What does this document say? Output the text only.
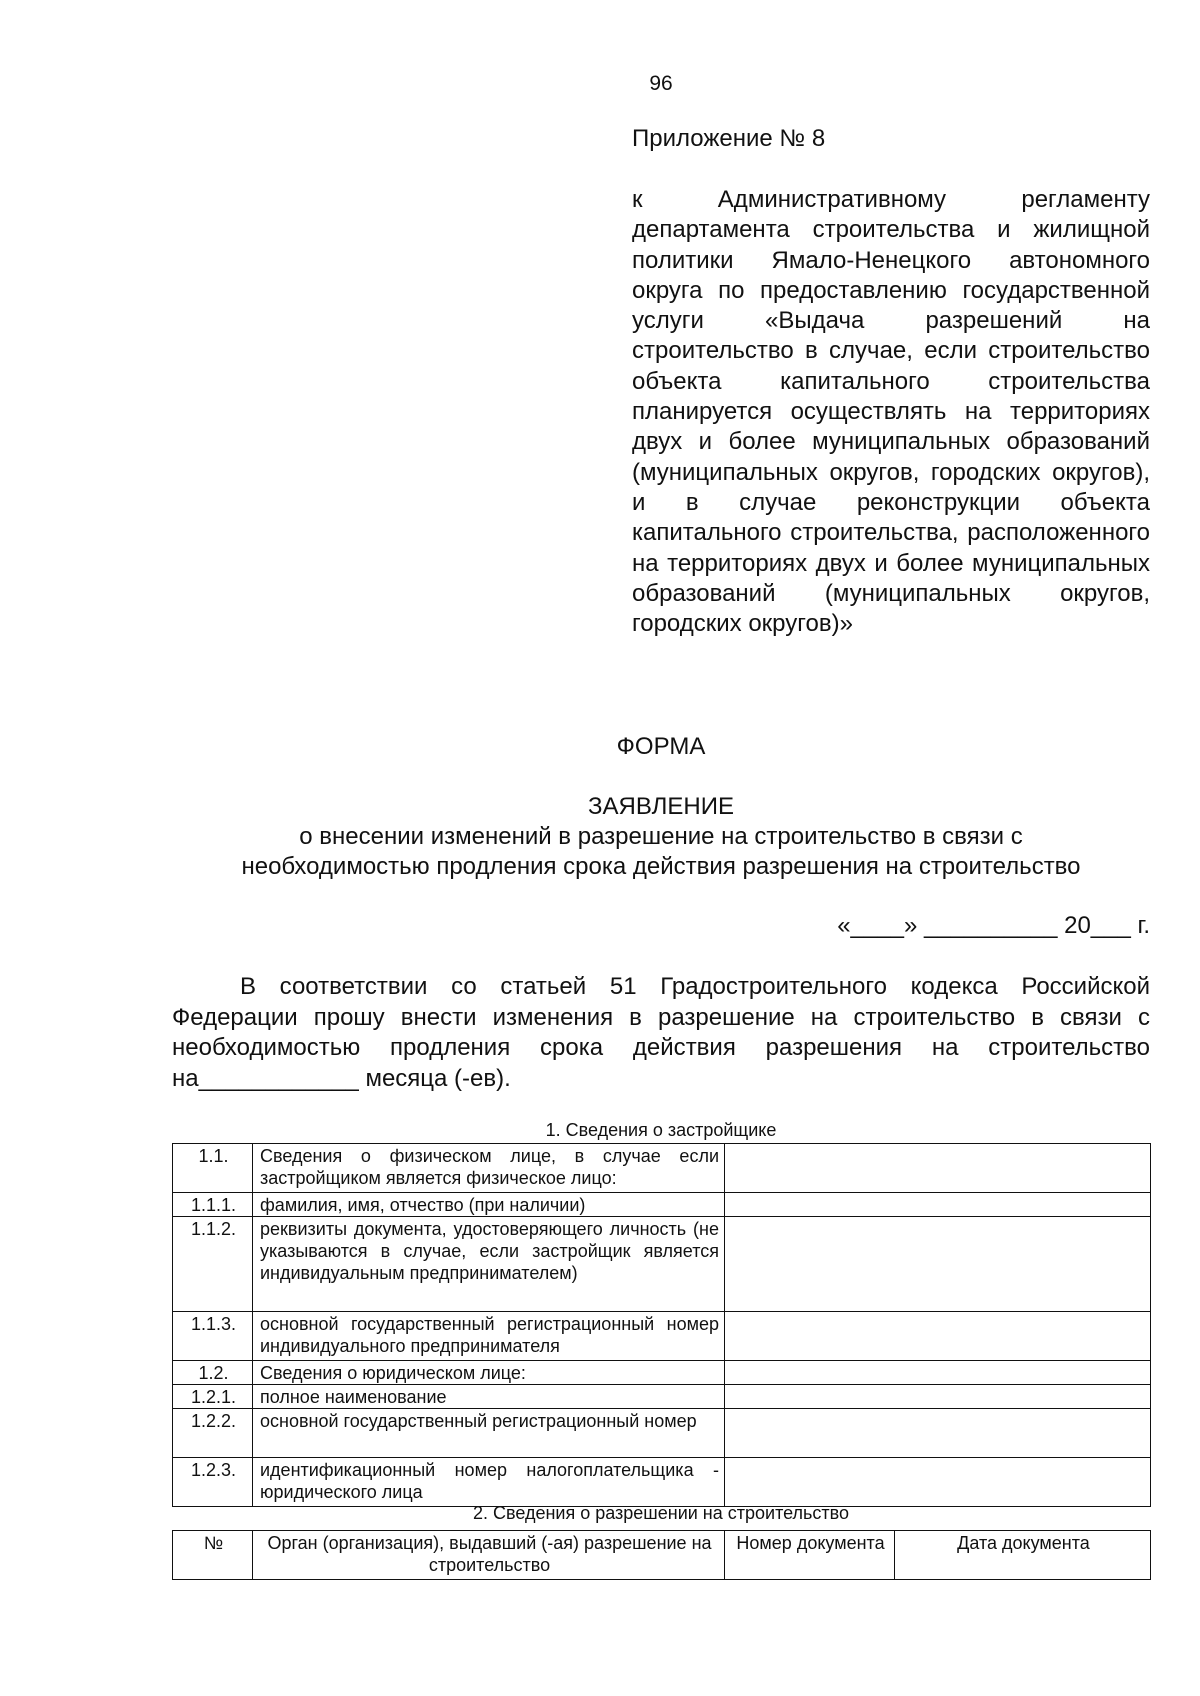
96
Приложение № 8
к Административному регламенту департамента строительства и жилищной политики Ямало-Ненецкого автономного округа по предоставлению государственной услуги «Выдача разрешений на строительство в случае, если строительство объекта капитального строительства планируется осуществлять на территориях двух и более муниципальных образований (муниципальных округов, городских округов), и в случае реконструкции объекта капитального строительства, расположенного на территориях двух и более муниципальных образований (муниципальных округов, городских округов)»
ФОРМА
ЗАЯВЛЕНИЕ
о внесении изменений в разрешение на строительство в связи с
необходимостью продления срока действия разрешения на строительство
«____» __________ 20___ г.

В соответствии со статьей 51 Градостроительного кодекса Российской Федерации прошу внести изменения в разрешение на строительство в связи с необходимостью продления срока действия разрешения на строительство на____________ месяца (-ев).

1. Сведения о застройщике
1.1.	Сведения о физическом лице, в случае если застройщиком является физическое лицо:	
1.1.1.	фамилия, имя, отчество (при наличии)	
1.1.2.	реквизиты документа, удостоверяющего личность (не указываются в случае, если застройщик является индивидуальным предпринимателем)	
1.1.3.	основной государственный регистрационный номер индивидуального предпринимателя	
1.2.	Сведения о юридическом лице:	
1.2.1.	полное наименование	
1.2.2.	основной государственный регистрационный номер	
1.2.3.	идентификационный номер налогоплательщика - юридического лица	
2. Сведения о разрешении на строительство
№	Орган (организация), выдавший (-ая) разрешение на строительство	Номер документа	Дата документа
